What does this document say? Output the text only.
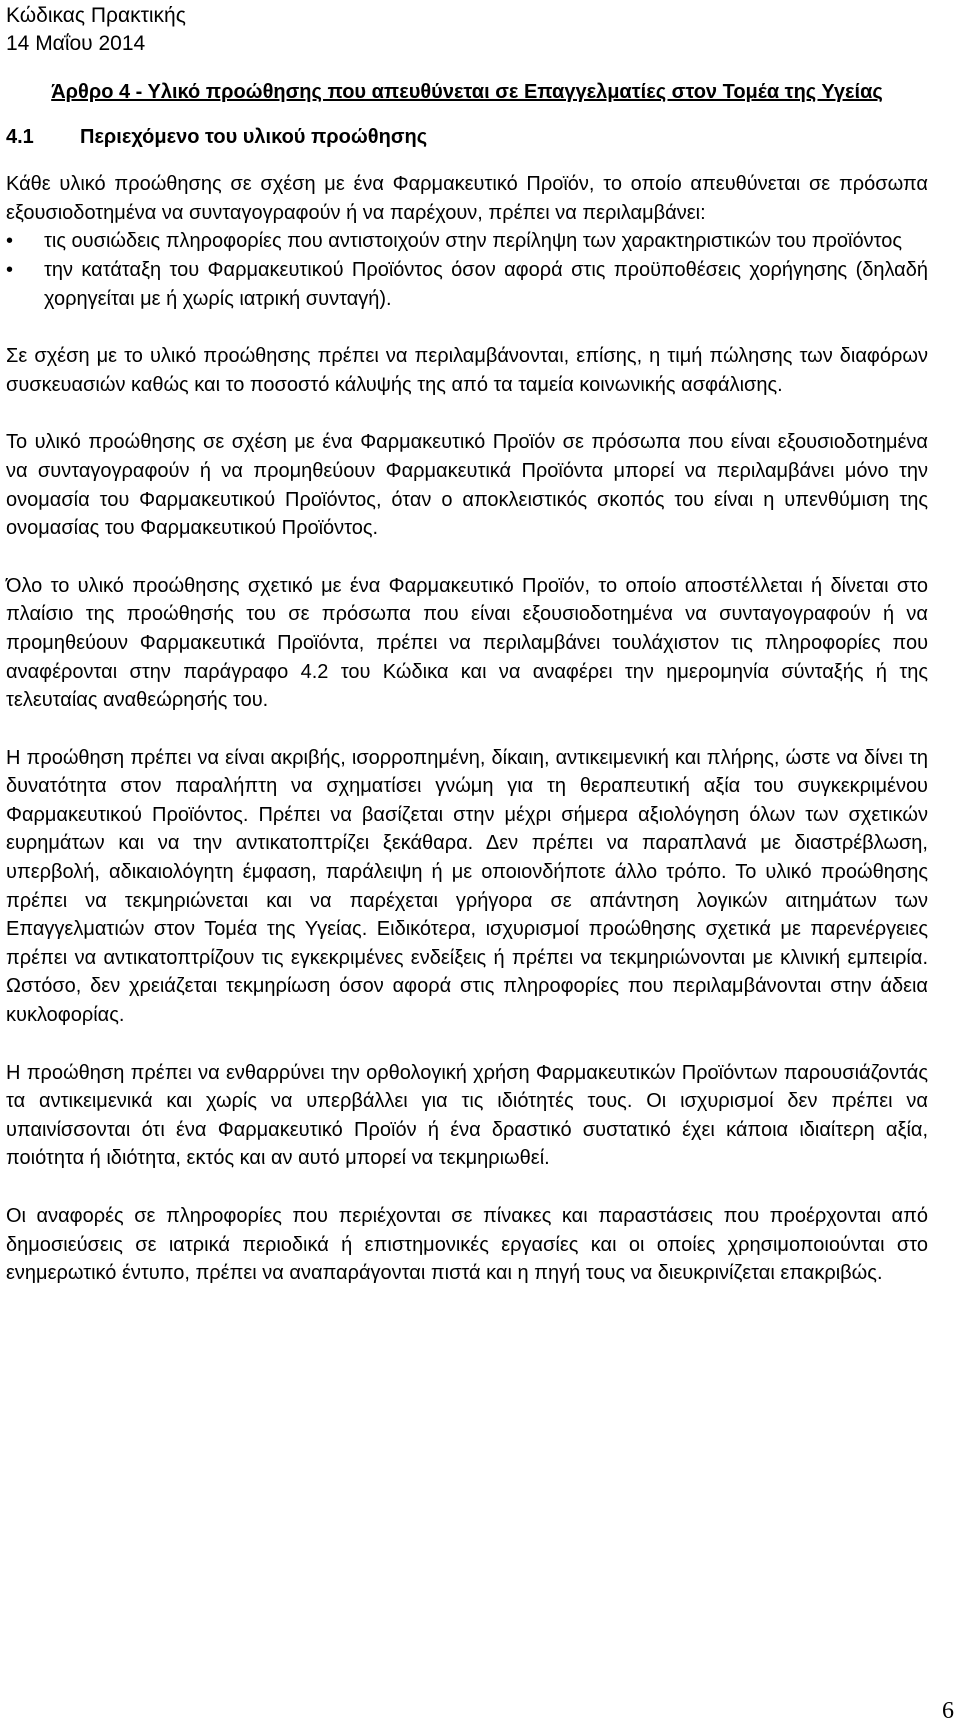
Κώδικας Πρακτικής
14 Μαΐου 2014

Άρθρο 4 - Υλικό προώθησης που απευθύνεται σε Επαγγελματίες στον Τομέα της Υγείας

4.1 Περιεχόμενο του υλικού προώθησης

Κάθε υλικό προώθησης σε σχέση με ένα Φαρμακευτικό Προϊόν, το οποίο απευθύνεται σε πρόσωπα εξουσιοδοτημένα να συνταγογραφούν ή να παρέχουν, πρέπει να περιλαμβάνει:

• τις ουσιώδεις πληροφορίες που αντιστοιχούν στην περίληψη των χαρακτηριστικών του προϊόντος
• την κατάταξη του Φαρμακευτικού Προϊόντος όσον αφορά στις προϋποθέσεις χορήγησης (δηλαδή χορηγείται με ή χωρίς ιατρική συνταγή).

Σε σχέση με το υλικό προώθησης πρέπει να περιλαμβάνονται, επίσης, η τιμή πώλησης των διαφόρων συσκευασιών καθώς και το ποσοστό κάλυψής της από τα ταμεία κοινωνικής ασφάλισης.

Το υλικό προώθησης σε σχέση με ένα Φαρμακευτικό Προϊόν σε πρόσωπα που είναι εξουσιοδοτημένα να συνταγογραφούν ή να προμηθεύουν Φαρμακευτικά Προϊόντα μπορεί να περιλαμβάνει μόνο την ονομασία του Φαρμακευτικού Προϊόντος, όταν ο αποκλειστικός σκοπός του είναι η υπενθύμιση της ονομασίας του Φαρμακευτικού Προϊόντος.

Όλο το υλικό προώθησης σχετικό με ένα Φαρμακευτικό Προϊόν, το οποίο αποστέλλεται ή δίνεται στο πλαίσιο της προώθησής του σε πρόσωπα που είναι εξουσιοδοτημένα να συνταγογραφούν ή να προμηθεύουν Φαρμακευτικά Προϊόντα, πρέπει να περιλαμβάνει τουλάχιστον τις πληροφορίες που αναφέρονται στην παράγραφο 4.2 του Κώδικα και να αναφέρει την ημερομηνία σύνταξής ή της τελευταίας αναθεώρησής του.

Η προώθηση πρέπει να είναι ακριβής, ισορροπημένη, δίκαιη, αντικειμενική και πλήρης, ώστε να δίνει τη δυνατότητα στον παραλήπτη να σχηματίσει γνώμη για τη θεραπευτική αξία του συγκεκριμένου Φαρμακευτικού Προϊόντος. Πρέπει να βασίζεται στην μέχρι σήμερα αξιολόγηση όλων των σχετικών ευρημάτων και να την αντικατοπτρίζει ξεκάθαρα. Δεν πρέπει να παραπλανά με διαστρέβλωση, υπερβολή, αδικαιολόγητη έμφαση, παράλειψη ή με οποιονδήποτε άλλο τρόπο. Το υλικό προώθησης πρέπει να τεκμηριώνεται και να παρέχεται γρήγορα σε απάντηση λογικών αιτημάτων των Επαγγελματιών στον Τομέα της Υγείας. Ειδικότερα, ισχυρισμοί προώθησης σχετικά με παρενέργειες πρέπει να αντικατοπτρίζουν τις εγκεκριμένες ενδείξεις ή πρέπει να τεκμηριώνονται με κλινική εμπειρία. Ωστόσο, δεν χρειάζεται τεκμηρίωση όσον αφορά στις πληροφορίες που περιλαμβάνονται στην άδεια κυκλοφορίας.

Η προώθηση πρέπει να ενθαρρύνει την ορθολογική χρήση Φαρμακευτικών Προϊόντων παρουσιάζοντάς τα αντικειμενικά και χωρίς να υπερβάλλει για τις ιδιότητές τους. Οι ισχυρισμοί δεν πρέπει να υπαινίσσονται ότι ένα Φαρμακευτικό Προϊόν ή ένα δραστικό συστατικό έχει κάποια ιδιαίτερη αξία, ποιότητα ή ιδιότητα, εκτός και αν αυτό μπορεί να τεκμηριωθεί.

Οι αναφορές σε πληροφορίες που περιέχονται σε πίνακες και παραστάσεις που προέρχονται από δημοσιεύσεις σε ιατρικά περιοδικά ή επιστημονικές εργασίες και οι οποίες χρησιμοποιούνται στο ενημερωτικό έντυπο, πρέπει να αναπαράγονται πιστά και η πηγή τους να διευκρινίζεται επακριβώς.

6
